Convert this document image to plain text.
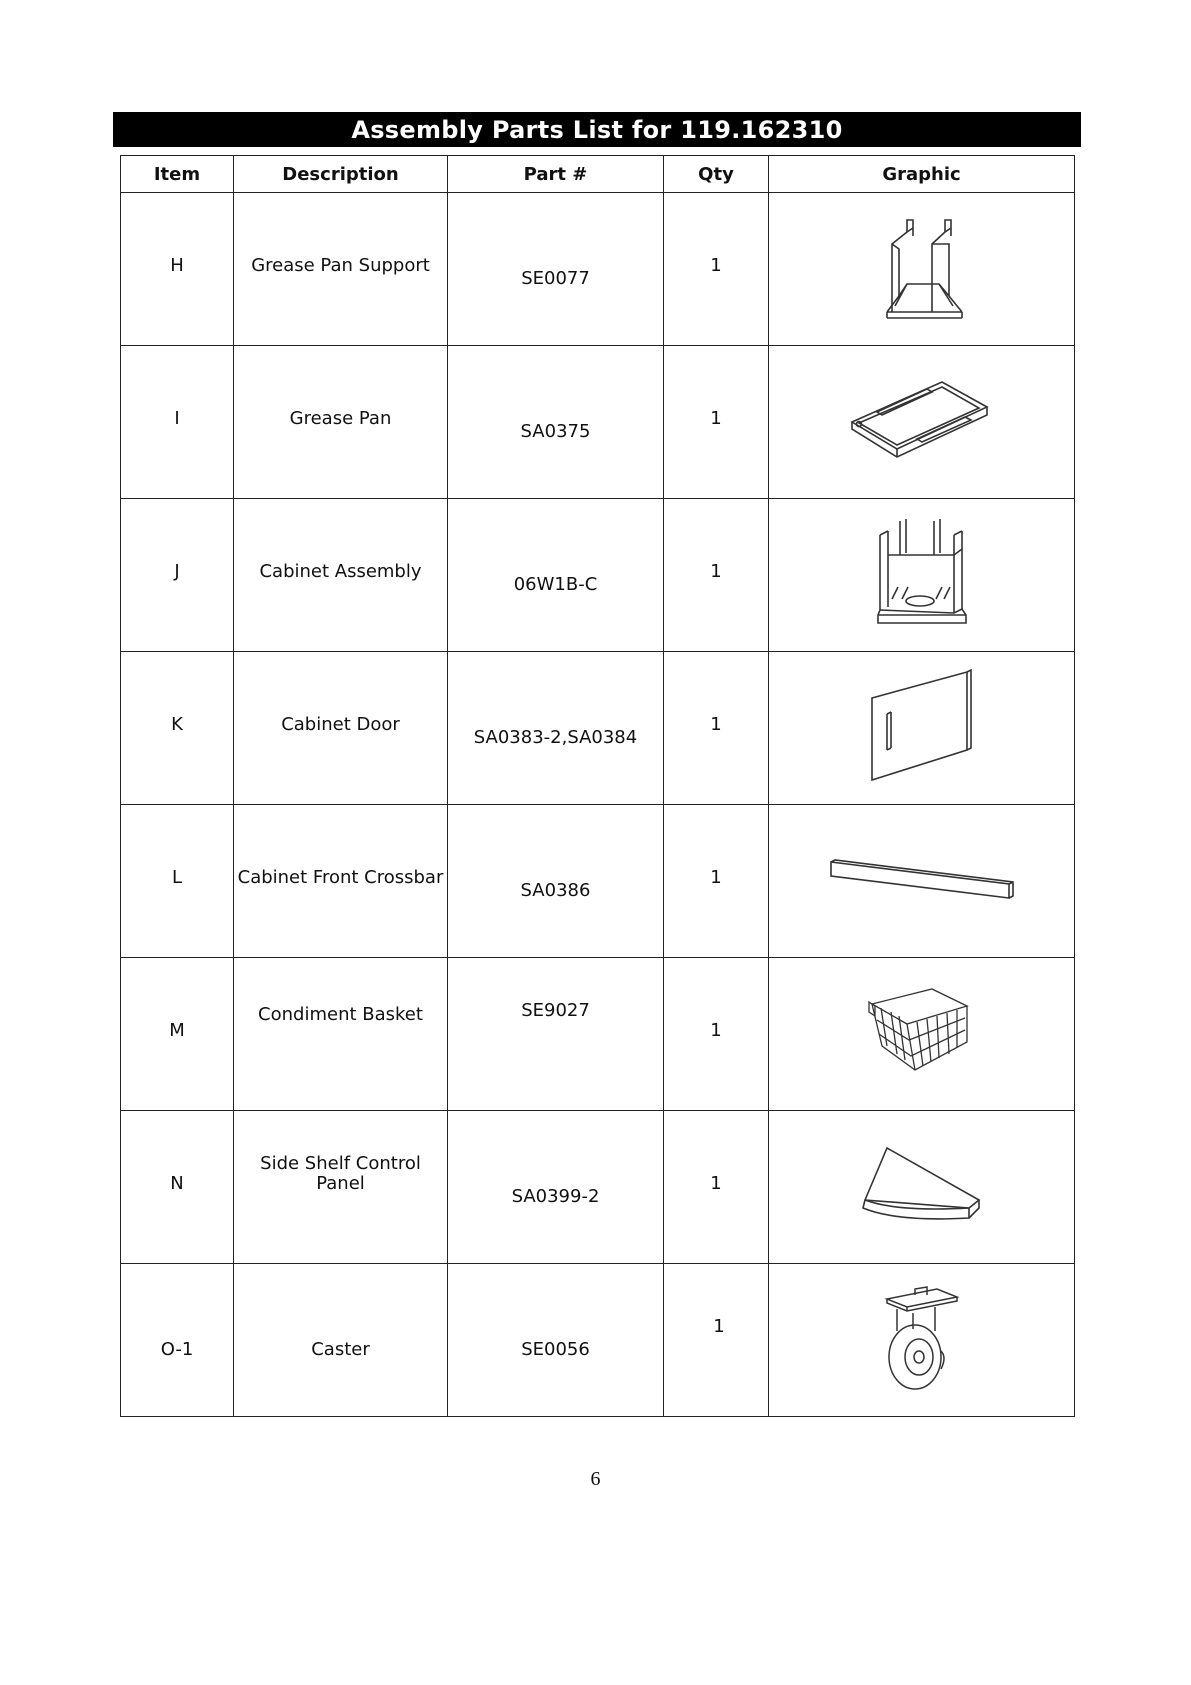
Assembly Parts List for 119.162310
Item	Description	Part #	Qty	Graphic

H	Grease Pan Support	SE0077	1

I	Grease Pan	SA0375	1

J	Cabinet Assembly	06W1B-C	1

K	Cabinet Door	SA0383-2,SA0384	1

L	Cabinet Front Crossbar	SA0386	1

M	Condiment Basket	SE9027	1

N	Side Shelf Control
Panel	SA0399-2	1

O-1	Caster	SE0056	1

6
